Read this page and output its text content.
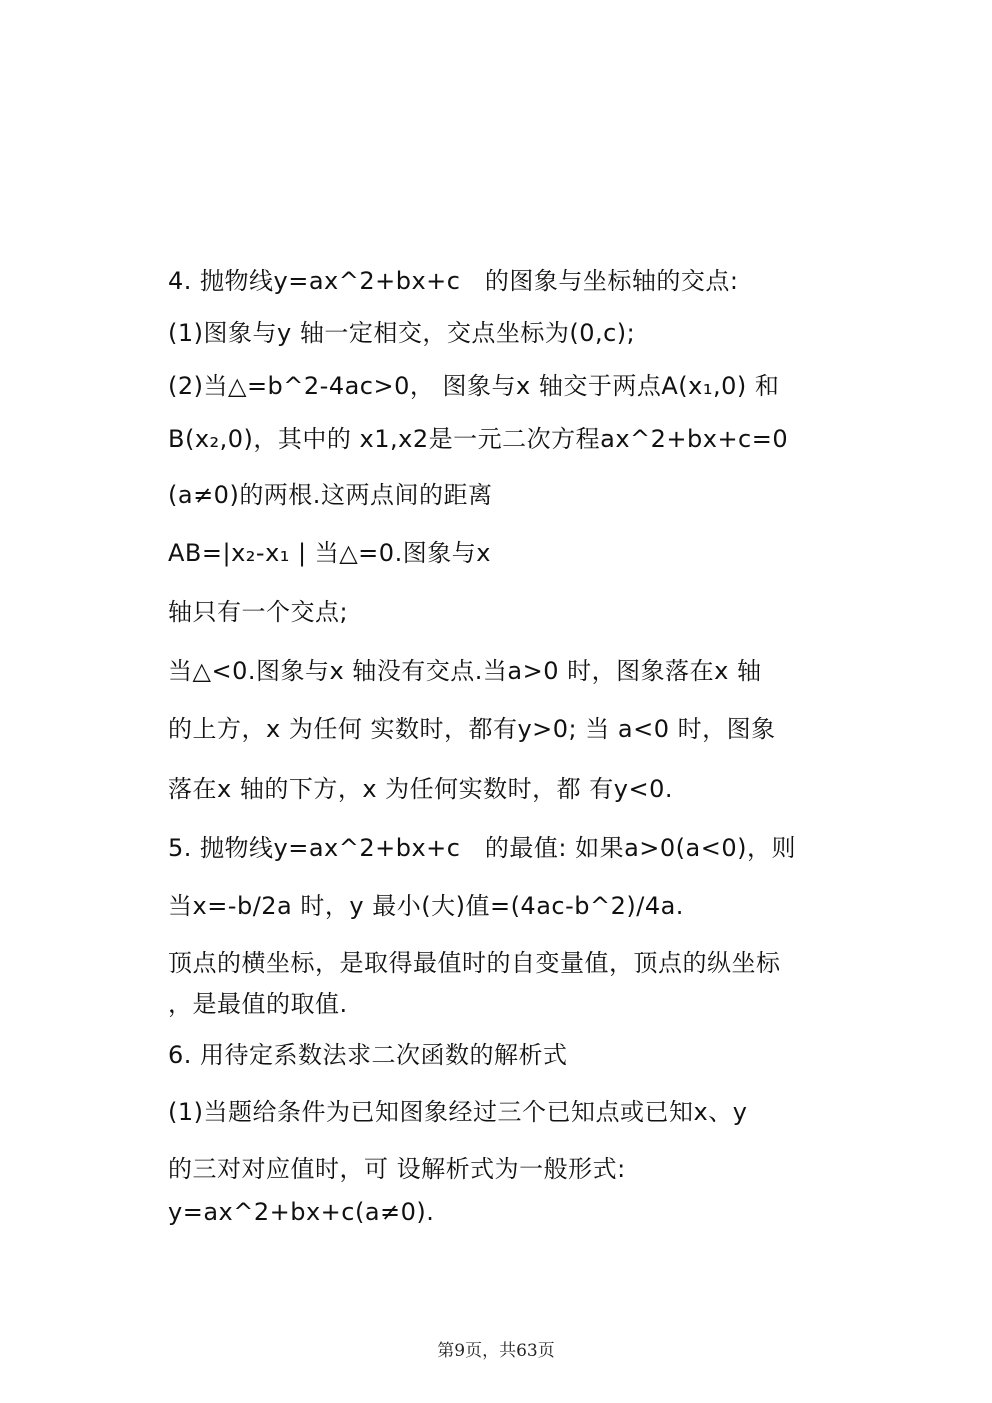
4. 抛物线y=ax^2+bx+c   的图象与坐标轴的交点:
(1)图象与y 轴一定相交，交点坐标为(0,c);
(2)当△=b^2-4ac>0， 图象与x 轴交于两点A(x₁,0) 和
B(x₂,0)，其中的 x1,x2是一元二次方程ax^2+bx+c=0
(a≠0)的两根.这两点间的距离
AB=|x₂-x₁ | 当△=0.图象与x
轴只有一个交点;
当△<0.图象与x 轴没有交点.当a>0 时，图象落在x 轴
的上方，x 为任何 实数时，都有y>0; 当 a<0 时，图象
落在x 轴的下方，x 为任何实数时，都 有y<0.
5. 抛物线y=ax^2+bx+c   的最值: 如果a>0(a<0)，则
当x=-b/2a 时，y 最小(大)值=(4ac-b^2)/4a.
顶点的横坐标，是取得最值时的自变量值，顶点的纵坐标
，是最值的取值.
6. 用待定系数法求二次函数的解析式
(1)当题给条件为已知图象经过三个已知点或已知x、y
的三对对应值时，可 设解析式为一般形式:
y=ax^2+bx+c(a≠0).
第9页，共63页
